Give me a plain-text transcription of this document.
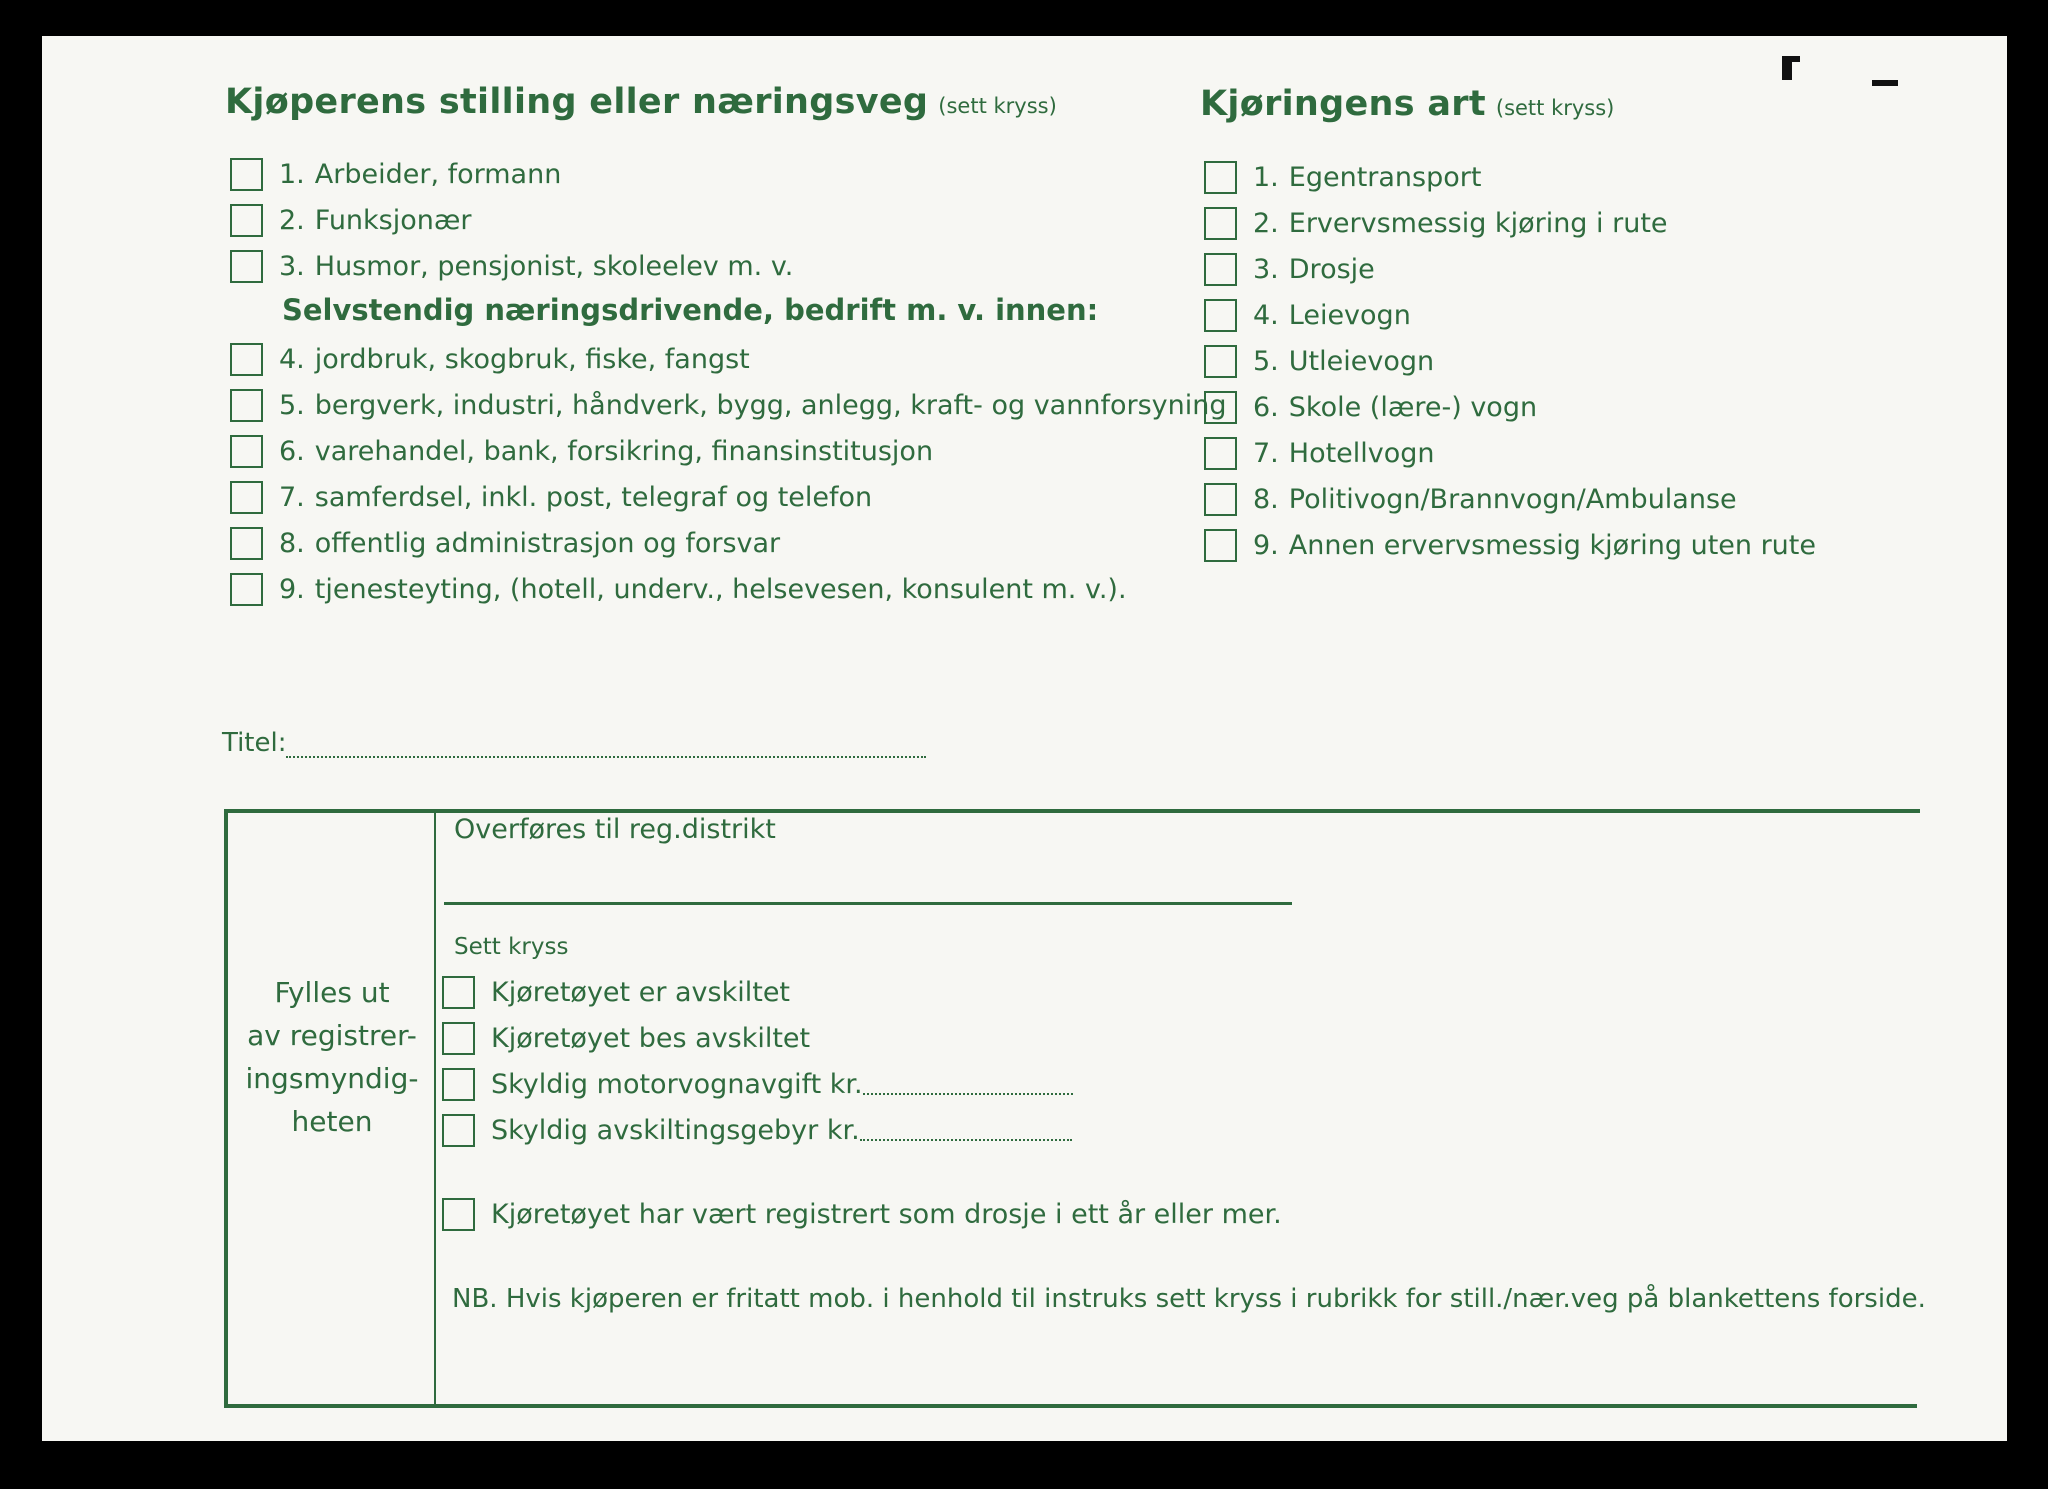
Kjøperens stilling eller næringsveg (sett kryss)
1. Arbeider, formann
2. Funksjonær
3. Husmor, pensjonist, skoleelev m. v.
Selvstendig næringsdrivende, bedrift m. v. innen:
4. jordbruk, skogbruk, fiske, fangst
5. bergverk, industri, håndverk, bygg, anlegg, kraft- og vannforsyning
6. varehandel, bank, forsikring, finansinstitusjon
7. samferdsel, inkl. post, telegraf og telefon
8. offentlig administrasjon og forsvar
9. tjenesteyting, (hotell, underv., helsevesen, konsulent m. v.).
Kjøringens art (sett kryss)
1. Egentransport
2. Ervervsmessig kjøring i rute
3. Drosje
4. Leievogn
5. Utleievogn
6. Skole (lære-) vogn
7. Hotellvogn
8. Politivogn/Brannvogn/Ambulanse
9. Annen ervervsmessig kjøring uten rute
Titel:
Fylles ut
av registrer-
ingsmyndig-
heten
Overføres til reg.distrikt
Sett kryss
Kjøretøyet er avskiltet
Kjøretøyet bes avskiltet
Skyldig motorvognavgift kr.
Skyldig avskiltingsgebyr kr.
Kjøretøyet har vært registrert som drosje i ett år eller mer.
NB. Hvis kjøperen er fritatt mob. i henhold til instruks sett kryss i rubrikk for still./nær.veg på blankettens forside.
